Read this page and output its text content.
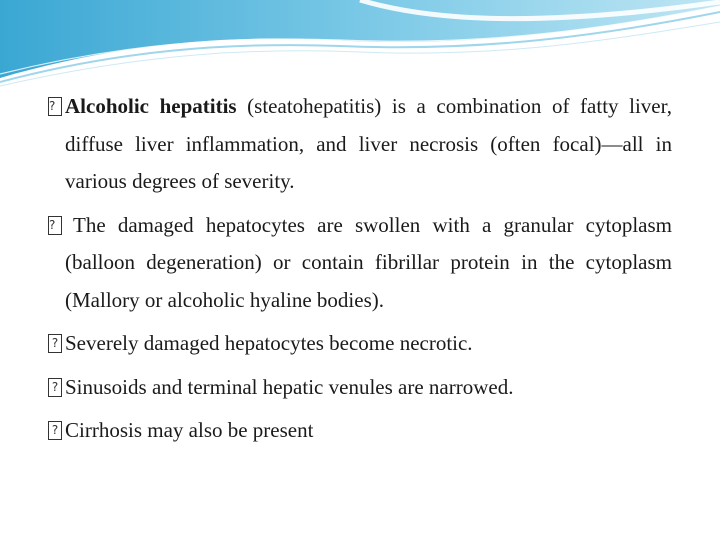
?
Alcoholic hepatitis (steatohepatitis) is a combination of fatty liver, diffuse liver inflammation, and liver necrosis (often focal)—all in various degrees of severity.

?
The damaged hepatocytes are swollen with a granular cytoplasm (balloon degeneration) or contain fibrillar protein in the cytoplasm (Mallory or alcoholic hyaline bodies).

?
Severely damaged hepatocytes become necrotic.

?
Sinusoids and terminal hepatic venules are narrowed.

?
Cirrhosis may also be present
